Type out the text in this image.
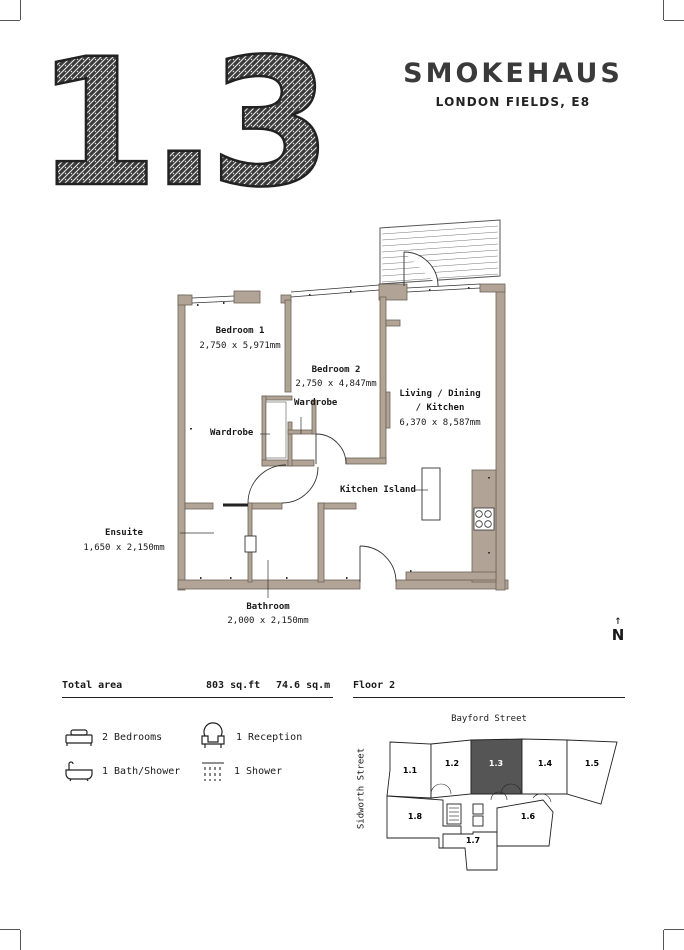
1.3	SMOKEHAUS
LONDON FIELDS, E8
Bedroom 1
2,750 x 5,971mm
Bedroom 2
2,750 x 4,847mm
Living / Dining
/ Kitchen
6,370 x 8,587mm
Wardrobe
Wardrobe
Kitchen Island
Ensuite
1,650 x 2,150mm
Bathroom
2,000 x 2,150mm	↑
N
Total area	803 sq.ft 74.6 sq.m Floor 2
2 Bedrooms	1 Reception
1 Bath/Shower	1 Shower
Bayford Street
Sidworth Street	1.1
1.2	1.3	1.4	1.5
1.6
1.7
1.8
